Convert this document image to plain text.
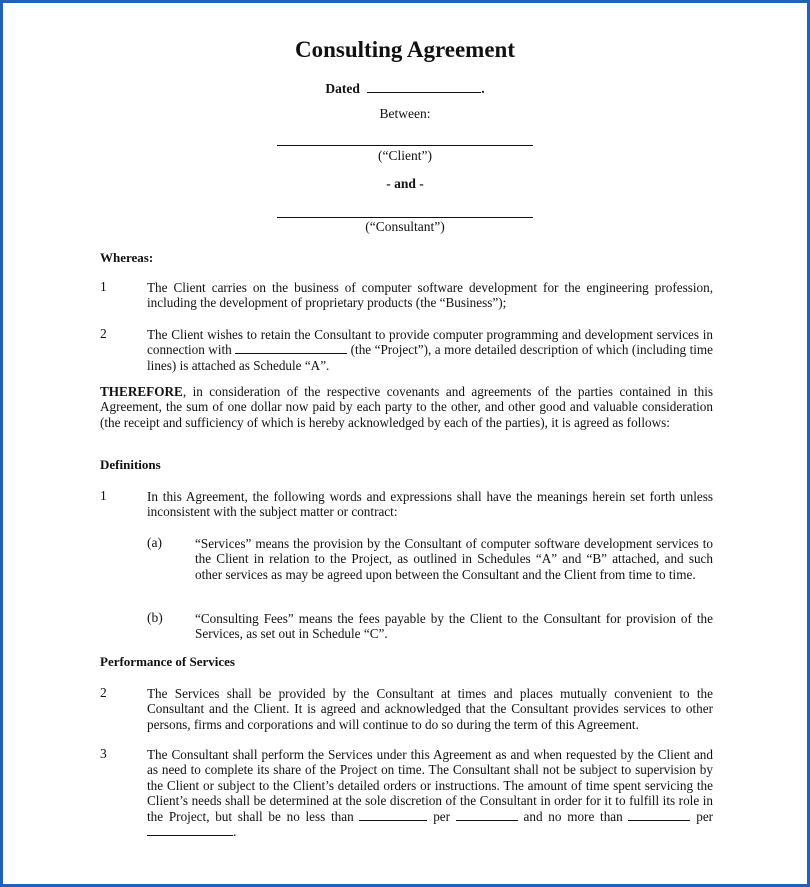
Consulting Agreement
Dated	.
Between:
(“Client”)
- and -
(“Consultant”)
Whereas:
1	The Client carries on the business of computer software development for the engineering profession, including the development of proprietary products (the “Business”);
2	The Client wishes to retain the Consultant to provide computer programming and development services in connection with	(the “Project”), a more detailed description of which (including time lines) is attached as Schedule “A”.
THEREFORE, in consideration of the respective covenants and agreements of the parties contained in this Agreement, the sum of one dollar now paid by each party to the other, and other good and valuable consideration (the receipt and sufficiency of which is hereby acknowledged by each of the parties), it is agreed as follows:
Definitions
1	In this Agreement, the following words and expressions shall have the meanings herein set forth unless inconsistent with the subject matter or contract:
(a)	“Services” means the provision by the Consultant of computer software development services to the Client in relation to the Project, as outlined in Schedules “A” and “B” attached, and such other services as may be agreed upon between the Consultant and the Client from time to time.
(b) “Consulting Fees” means the fees payable by the Client to the Consultant for provision of the Services, as set out in Schedule “C”.
Performance of Services
2	The Services shall be provided by the Consultant at times and places mutually convenient to the Consultant and the Client. It is agreed and acknowledged that the Consultant provides services to other persons, firms and corporations and will continue to do so during the term of this Agreement.
3	The Consultant shall perform the Services under this Agreement as and when requested by the Client and as need to complete its share of the Project on time. The Consultant shall not be subject to supervision by the Client or subject to the Client’s detailed orders or instructions. The amount of time spent servicing the Client’s needs shall be determined at the sole discretion of the Consultant in order for it to fulfill its role in the Project, but shall be no less than	per	and no more than	per .
